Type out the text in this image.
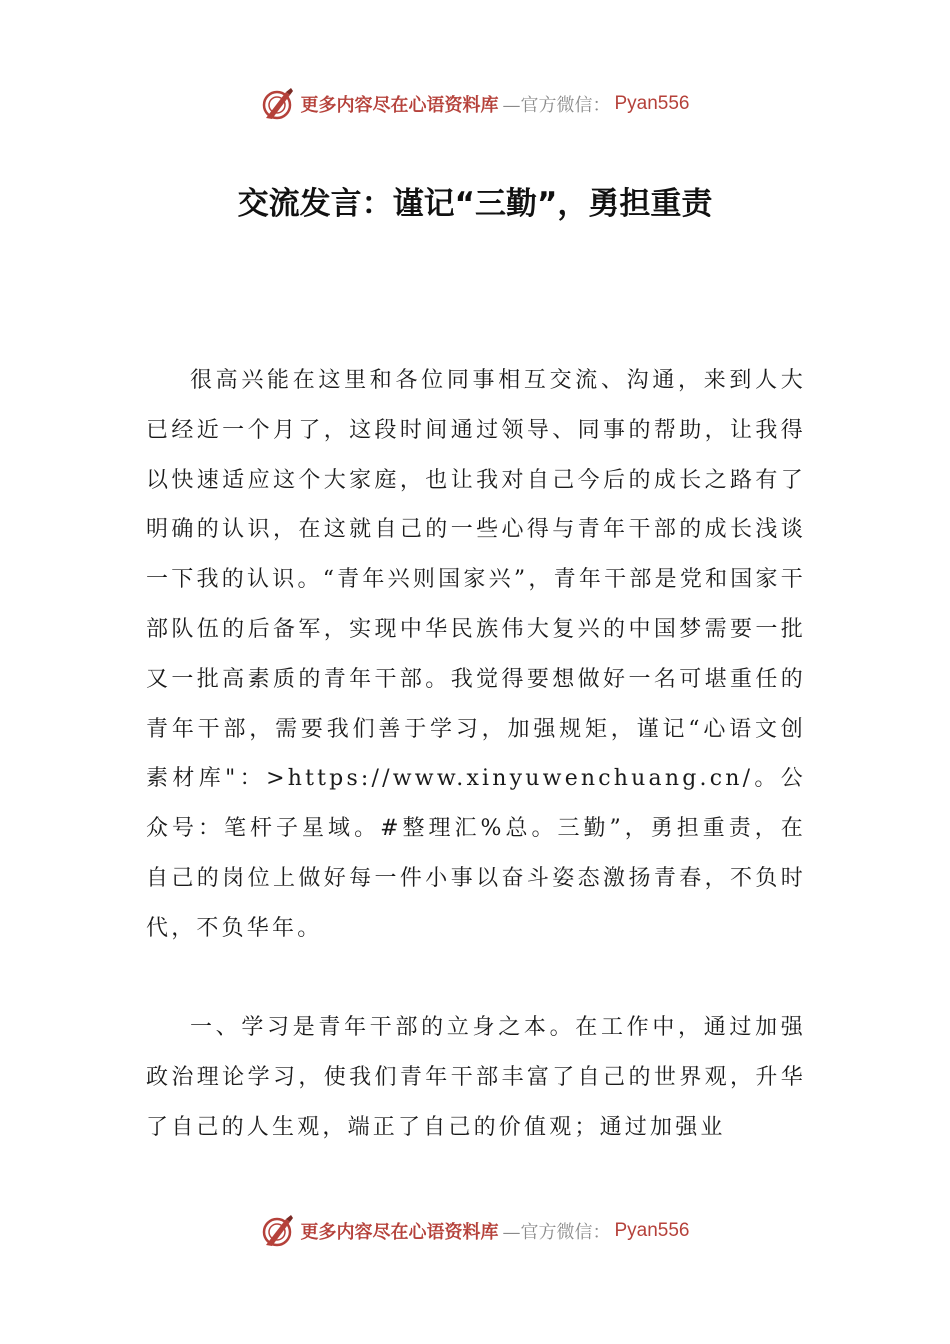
更多内容尽在心语资料库 —官方微信： Pyan556
交流发言：谨记“三勤”，勇担重责

很高兴能在这里和各位同事相互交流、沟通，来到人大已经近一个月了，这段时间通过领导、同事的帮助，让我得以快速适应这个大家庭，也让我对自己今后的成长之路有了明确的认识，在这就自己的一些心得与青年干部的成长浅谈一下我的认识。“青年兴则国家兴”，青年干部是党和国家干部队伍的后备军，实现中华民族伟大复兴的中国梦需要一批又一批高素质的青年干部。我觉得要想做好一名可堪重任的青年干部，需要我们善于学习，加强规矩，谨记“心语文创素材库"：>https://www.xinyuwenchuang.cn/。公众号：笔杆子星域。#整理汇%总。三勤”，勇担重责，在自己的岗位上做好每一件小事以奋斗姿态激扬青春，不负时代，不负华年。

一、学习是青年干部的立身之本。在工作中，通过加强政治理论学习，使我们青年干部丰富了自己的世界观，升华了自己的人生观，端正了自己的价值观；通过加强业

更多内容尽在心语资料库 —官方微信： Pyan556
